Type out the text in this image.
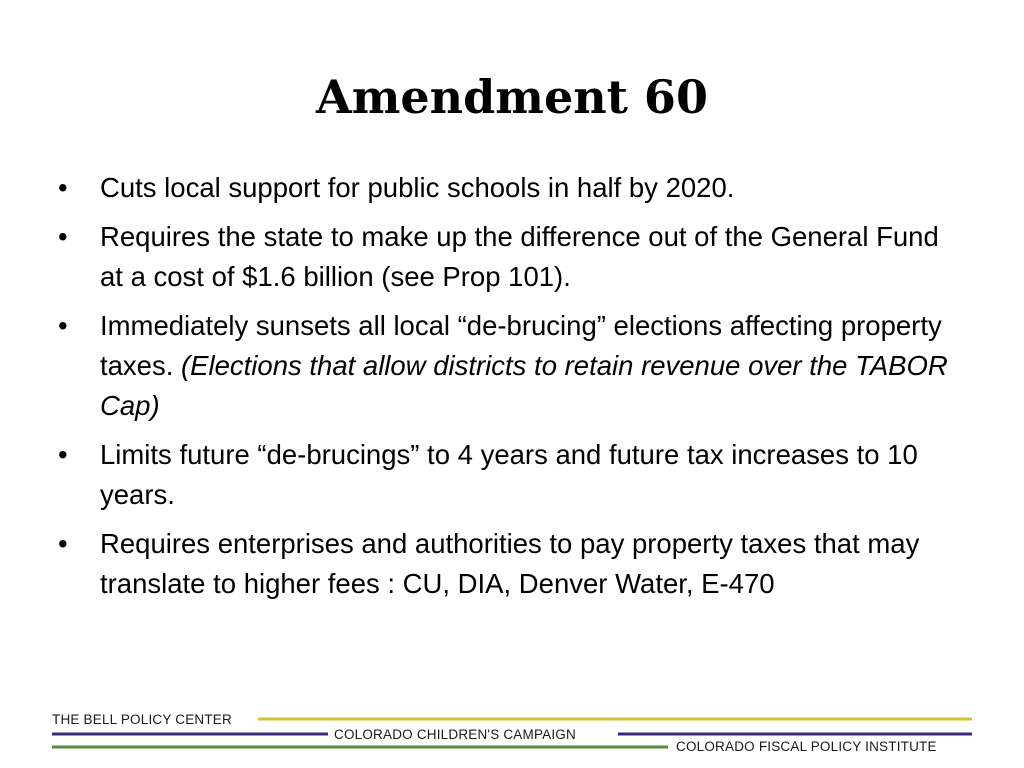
Amendment 60
• Cuts local support for public schools in half by 2020.
• Requires the state to make up the difference out of the General Fund at a cost of $1.6 billion (see Prop 101).
• Immediately sunsets all local “de-brucing” elections affecting property taxes. (Elections that allow districts to retain revenue over the TABOR Cap)
• Limits future “de-brucings” to 4 years and future tax increases to 10 years.
• Requires enterprises and authorities to pay property taxes that may translate to higher fees : CU, DIA, Denver Water, E-470
THE BELL POLICY CENTER
COLORADO CHILDREN'S CAMPAIGN
COLORADO FISCAL POLICY INSTITUTE
